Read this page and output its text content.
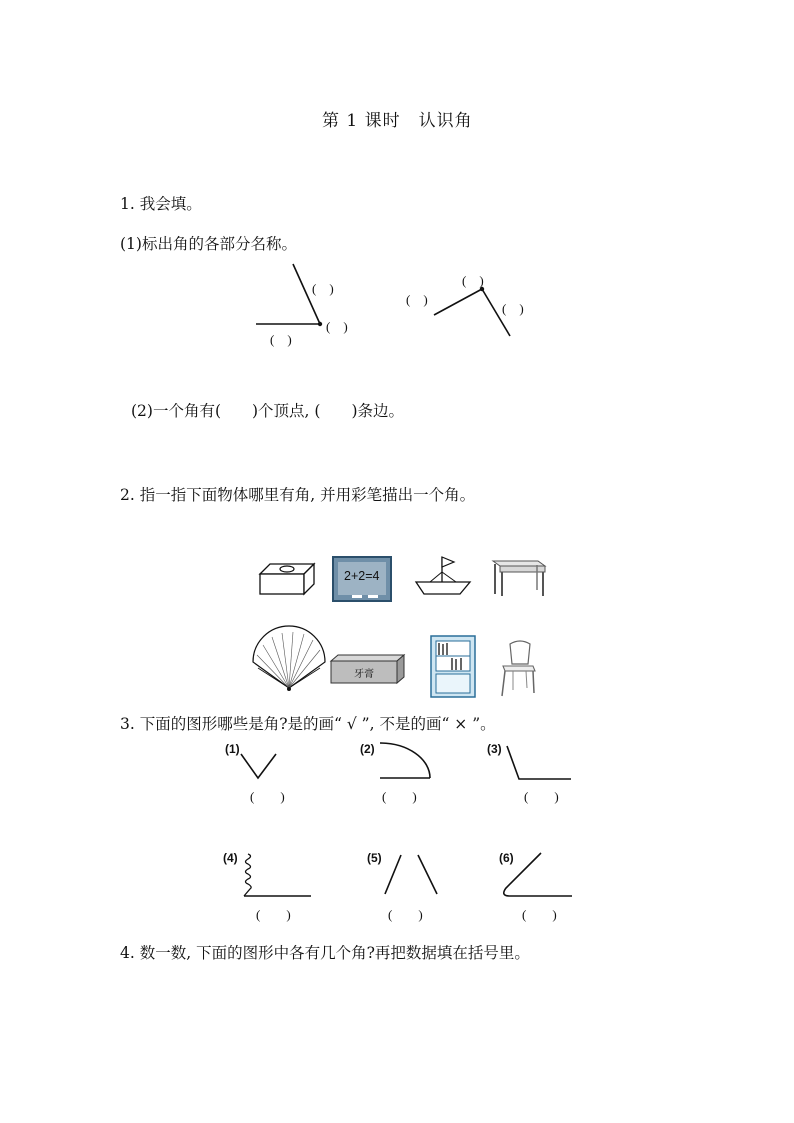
第 1 课时　认识角
1. 我会填。
(1)标出角的各部分名称。
(　)
(　)
(　)
(　)
(　)
(　)
(2)一个角有(　　)个顶点, (　　)条边。
2. 指一指下面物体哪里有角, 并用彩笔描出一个角。
2+2=4
牙膏
3. 下面的图形哪些是角?是的画“ √ ”, 不是的画“ × ”。
(1)	(2)	(3)
(4)	(5)	(6)
(　　)	(　　)	(　　)
(　　)	(　　)	(　　)
4. 数一数, 下面的图形中各有几个角?再把数据填在括号里。
